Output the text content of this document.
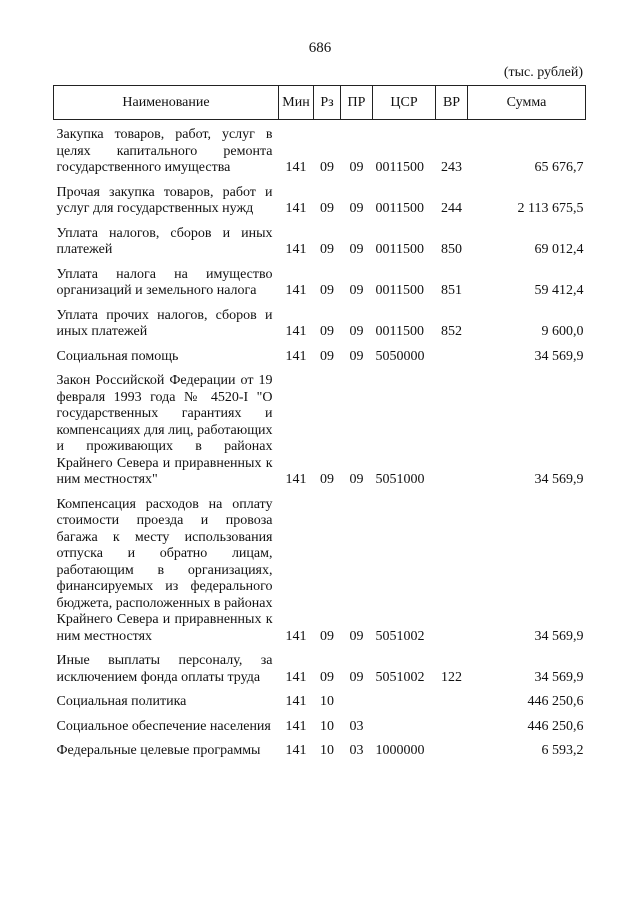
686
(тыс. рублей)
Наименование	Мин	Рз	ПР	ЦСР	ВР	Сумма
Закупка товаров, работ, услуг в целях капитального ремонта государственного имущества	141	09	09	0011500	243	65 676,7
Прочая закупка товаров, работ и услуг для государственных нужд	141	09	09	0011500	244	2 113 675,5
Уплата налогов, сборов и иных платежей	141	09	09	0011500	850	69 012,4
Уплата налога на имущество организаций и земельного налога	141	09	09	0011500	851	59 412,4
Уплата прочих налогов, сборов и иных платежей	141	09	09	0011500	852	9 600,0
Социальная помощь	141	09	09	5050000		34 569,9
Закон Российской Федерации от 19 февраля 1993 года № 4520-I "О государственных гарантиях и компенсациях для лиц, работающих и проживающих в районах Крайнего Севера и приравненных к ним местностях"	141	09	09	5051000		34 569,9
Компенсация расходов на оплату стоимости проезда и провоза багажа к месту использования отпуска и обратно лицам, работающим в организациях, финансируемых из федерального бюджета, расположенных в районах Крайнего Севера и приравненных к ним местностях	141	09	09	5051002		34 569,9
Иные выплаты персоналу, за исключением фонда оплаты труда	141	09	09	5051002	122	34 569,9
Социальная политика	141	10				446 250,6
Социальное обеспечение населения	141	10	03			446 250,6
Федеральные целевые программы	141	10	03	1000000		6 593,2
